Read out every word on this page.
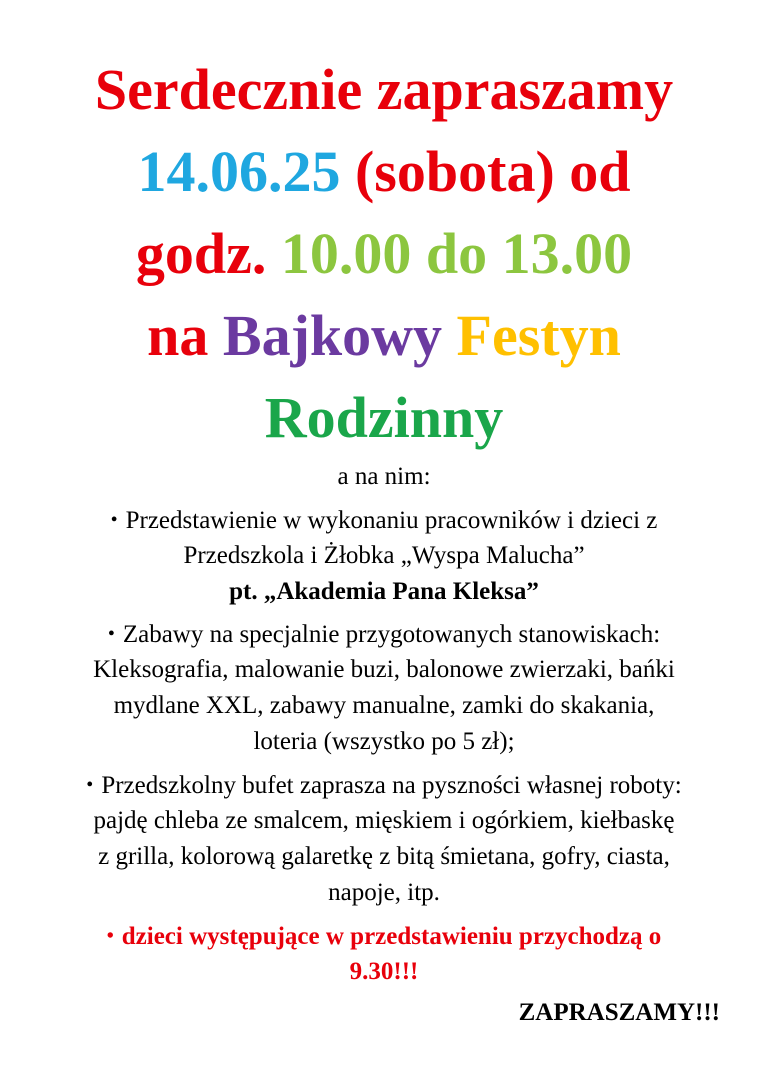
Serdecznie zapraszamy
14.06.25 (sobota) od
godz. 10.00 do 13.00
na Bajkowy Festyn
Rodzinny
a na nim:
• Przedstawienie w wykonaniu pracowników i dzieci z
Przedszkola i Żłobka „Wyspa Malucha”
pt. „Akademia Pana Kleksa”
• Zabawy na specjalnie przygotowanych stanowiskach:
Kleksografia, malowanie buzi, balonowe zwierzaki, bańki
mydlane XXL, zabawy manualne, zamki do skakania,
loteria (wszystko po 5 zł);
• Przedszkolny bufet zaprasza na pyszności własnej roboty:
pajdę chleba ze smalcem, mięskiem i ogórkiem, kiełbaskę
z grilla, kolorową galaretkę z bitą śmietana, gofry, ciasta,
napoje, itp.
• dzieci występujące w przedstawieniu przychodzą o
9.30!!!
ZAPRASZAMY!!!
